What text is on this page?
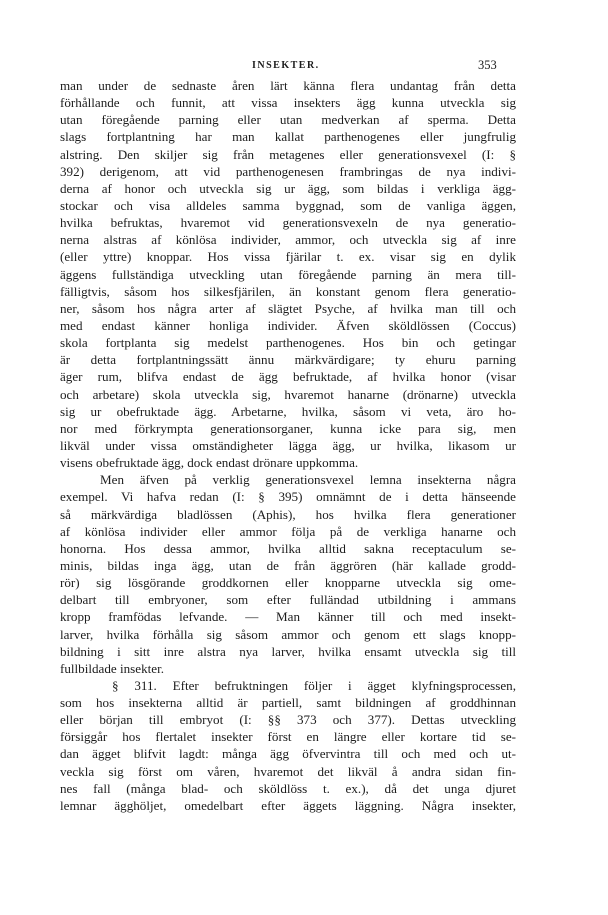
INSEKTER.	353
man under de sednaste åren lärt känna flera undantag från detta
förhållande och funnit, att vissa insekters ägg kunna utveckla sig
utan föregående parning eller utan medverkan af sperma. Detta
slags fortplantning har man kallat parthenogenes eller jungfrulig
alstring. Den skiljer sig från metagenes eller generationsvexel (I: §
392) derigenom, att vid parthenogenesen frambringas de nya indivi-
derna af honor och utveckla sig ur ägg, som bildas i verkliga ägg-
stockar och visa alldeles samma byggnad, som de vanliga äggen,
hvilka befruktas, hvaremot vid generationsvexeln de nya generatio-
nerna alstras af könlösa individer, ammor, och utveckla sig af inre
(eller yttre) knoppar. Hos vissa fjärilar t. ex. visar sig en dylik
äggens fullständiga utveckling utan föregående parning än mera till-
fälligtvis, såsom hos silkesfjärilen, än konstant genom flera generatio-
ner, såsom hos några arter af slägtet Psyche, af hvilka man till och
med endast känner honliga individer. Äfven sköldlössen (Coccus)
skola fortplanta sig medelst parthenogenes. Hos bin och getingar
är detta fortplantningssätt ännu märkvärdigare; ty ehuru parning
äger rum, blifva endast de ägg befruktade, af hvilka honor (visar
och arbetare) skola utveckla sig, hvaremot hanarne (drönarne) utveckla
sig ur obefruktade ägg. Arbetarne, hvilka, såsom vi veta, äro ho-
nor med förkrympta generationsorganer, kunna icke para sig, men
likväl under vissa omständigheter lägga ägg, ur hvilka, likasom ur
visens obefruktade ägg, dock endast drönare uppkomma.
Men äfven på verklig generationsvexel lemna insekterna några
exempel. Vi hafva redan (I: § 395) omnämnt de i detta hänseende
så märkvärdiga bladlössen (Aphis), hos hvilka flera generationer
af könlösa individer eller ammor följa på de verkliga hanarne och
honorna. Hos dessa ammor, hvilka alltid sakna receptaculum se-
minis, bildas inga ägg, utan de från äggrören (här kallade grodd-
rör) sig lösgörande groddkornen eller knopparne utveckla sig ome-
delbart till embryoner, som efter fulländad utbildning i ammans
kropp framfödas lefvande. — Man känner till och med insekt-
larver, hvilka förhålla sig såsom ammor och genom ett slags knopp-
bildning i sitt inre alstra nya larver, hvilka ensamt utveckla sig till
fullbildade insekter.
§ 311. Efter befruktningen följer i ägget klyfningsprocessen,
som hos insekterna alltid är partiell, samt bildningen af groddhinnan
eller början till embryot (I: §§ 373 och 377). Dettas utveckling
försiggår hos flertalet insekter först en längre eller kortare tid se-
dan ägget blifvit lagdt: många ägg öfvervintra till och med och ut-
veckla sig först om våren, hvaremot det likväl å andra sidan fin-
nes fall (många blad- och sköldlöss t. ex.), då det unga djuret
lemnar ägghöljet, omedelbart efter äggets läggning. Några insekter,
